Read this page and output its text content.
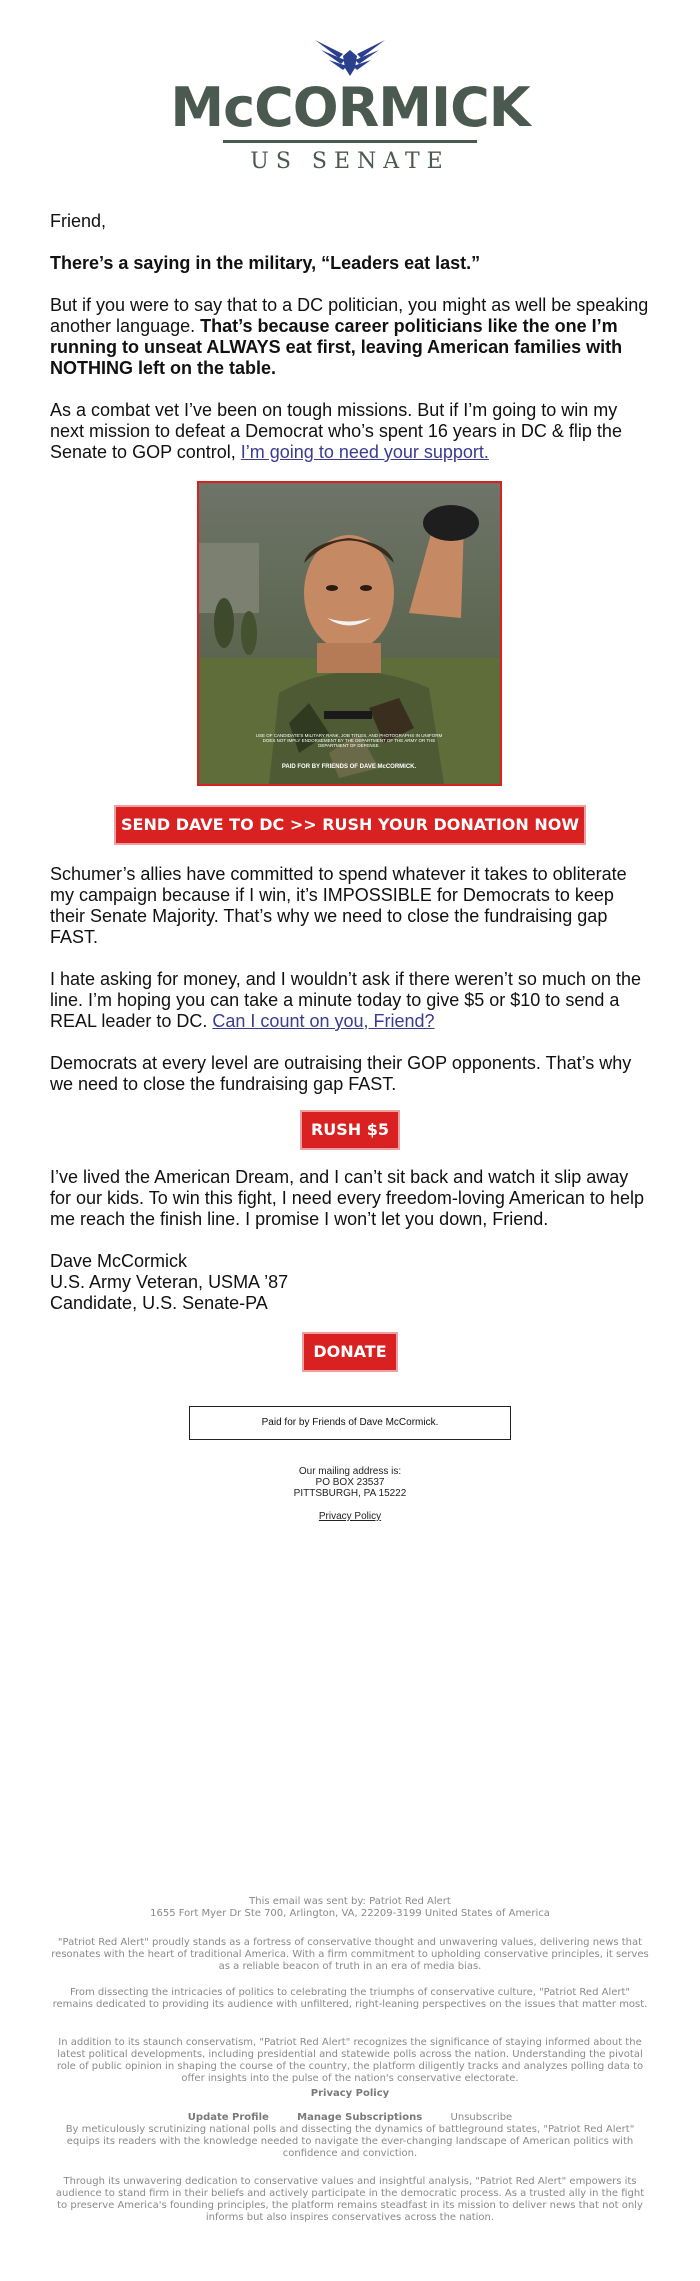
McCORMICK
US SENATE

Friend,

There’s a saying in the military, “Leaders eat last.”

But if you were to say that to a DC politician, you might as well be speaking another language. That’s because career politicians like the one I’m running to unseat ALWAYS eat first, leaving American families with NOTHING left on the table.

As a combat vet I’ve been on tough missions. But if I’m going to win my next mission to defeat a Democrat who’s spent 16 years in DC & flip the Senate to GOP control, I’m going to need your support.

USE OF CANDIDATE'S MILITARY RANK, JOB TITLES, AND PHOTOGRAPHS IN UNIFORM DOES NOT IMPLY ENDORSEMENT BY THE DEPARTMENT OF THE ARMY OR THE DEPARTMENT OF DEFENSE.
PAID FOR BY FRIENDS OF DAVE McCORMICK.
SEND DAVE TO DC >> RUSH YOUR DONATION NOW

Schumer’s allies have committed to spend whatever it takes to obliterate my campaign because if I win, it’s IMPOSSIBLE for Democrats to keep their Senate Majority. That’s why we need to close the fundraising gap FAST.

I hate asking for money, and I wouldn’t ask if there weren’t so much on the line. I’m hoping you can take a minute today to give $5 or $10 to send a REAL leader to DC. Can I count on you, Friend?

Democrats at every level are outraising their GOP opponents. That’s why we need to close the fundraising gap FAST.

RUSH $5

I’ve lived the American Dream, and I can’t sit back and watch it slip away for our kids. To win this fight, I need every freedom-loving American to help me reach the finish line. I promise I won’t let you down, Friend.

Dave McCormick

U.S. Army Veteran, USMA ’87

Candidate, U.S. Senate-PA

DONATE
Paid for by Friends of Dave McCormick.
Our mailing address is:
PO BOX 23537
PITTSBURGH, PA 15222
Privacy Policy
This email was sent by: Patriot Red Alert
1655 Fort Myer Dr Ste 700, Arlington, VA, 22209-3199 United States of America
"Patriot Red Alert" proudly stands as a fortress of conservative thought and unwavering values, delivering news that resonates with the heart of traditional America. With a firm commitment to upholding conservative principles, it serves as a reliable beacon of truth in an era of media bias.
From dissecting the intricacies of politics to celebrating the triumphs of conservative culture, "Patriot Red Alert" remains dedicated to providing its audience with unfiltered, right-leaning perspectives on the issues that matter most.
In addition to its staunch conservatism, "Patriot Red Alert" recognizes the significance of staying informed about the latest political developments, including presidential and statewide polls across the nation. Understanding the pivotal role of public opinion in shaping the course of the country, the platform diligently tracks and analyzes polling data to offer insights into the pulse of the nation's conservative electorate.
Privacy Policy
Update Profile	Manage Subscriptions	Unsubscribe
By meticulously scrutinizing national polls and dissecting the dynamics of battleground states, "Patriot Red Alert" equips its readers with the knowledge needed to navigate the ever-changing landscape of American politics with confidence and conviction.
Through its unwavering dedication to conservative values and insightful analysis, "Patriot Red Alert" empowers its audience to stand firm in their beliefs and actively participate in the democratic process. As a trusted ally in the fight to preserve America's founding principles, the platform remains steadfast in its mission to deliver news that not only informs but also inspires conservatives across the nation.
